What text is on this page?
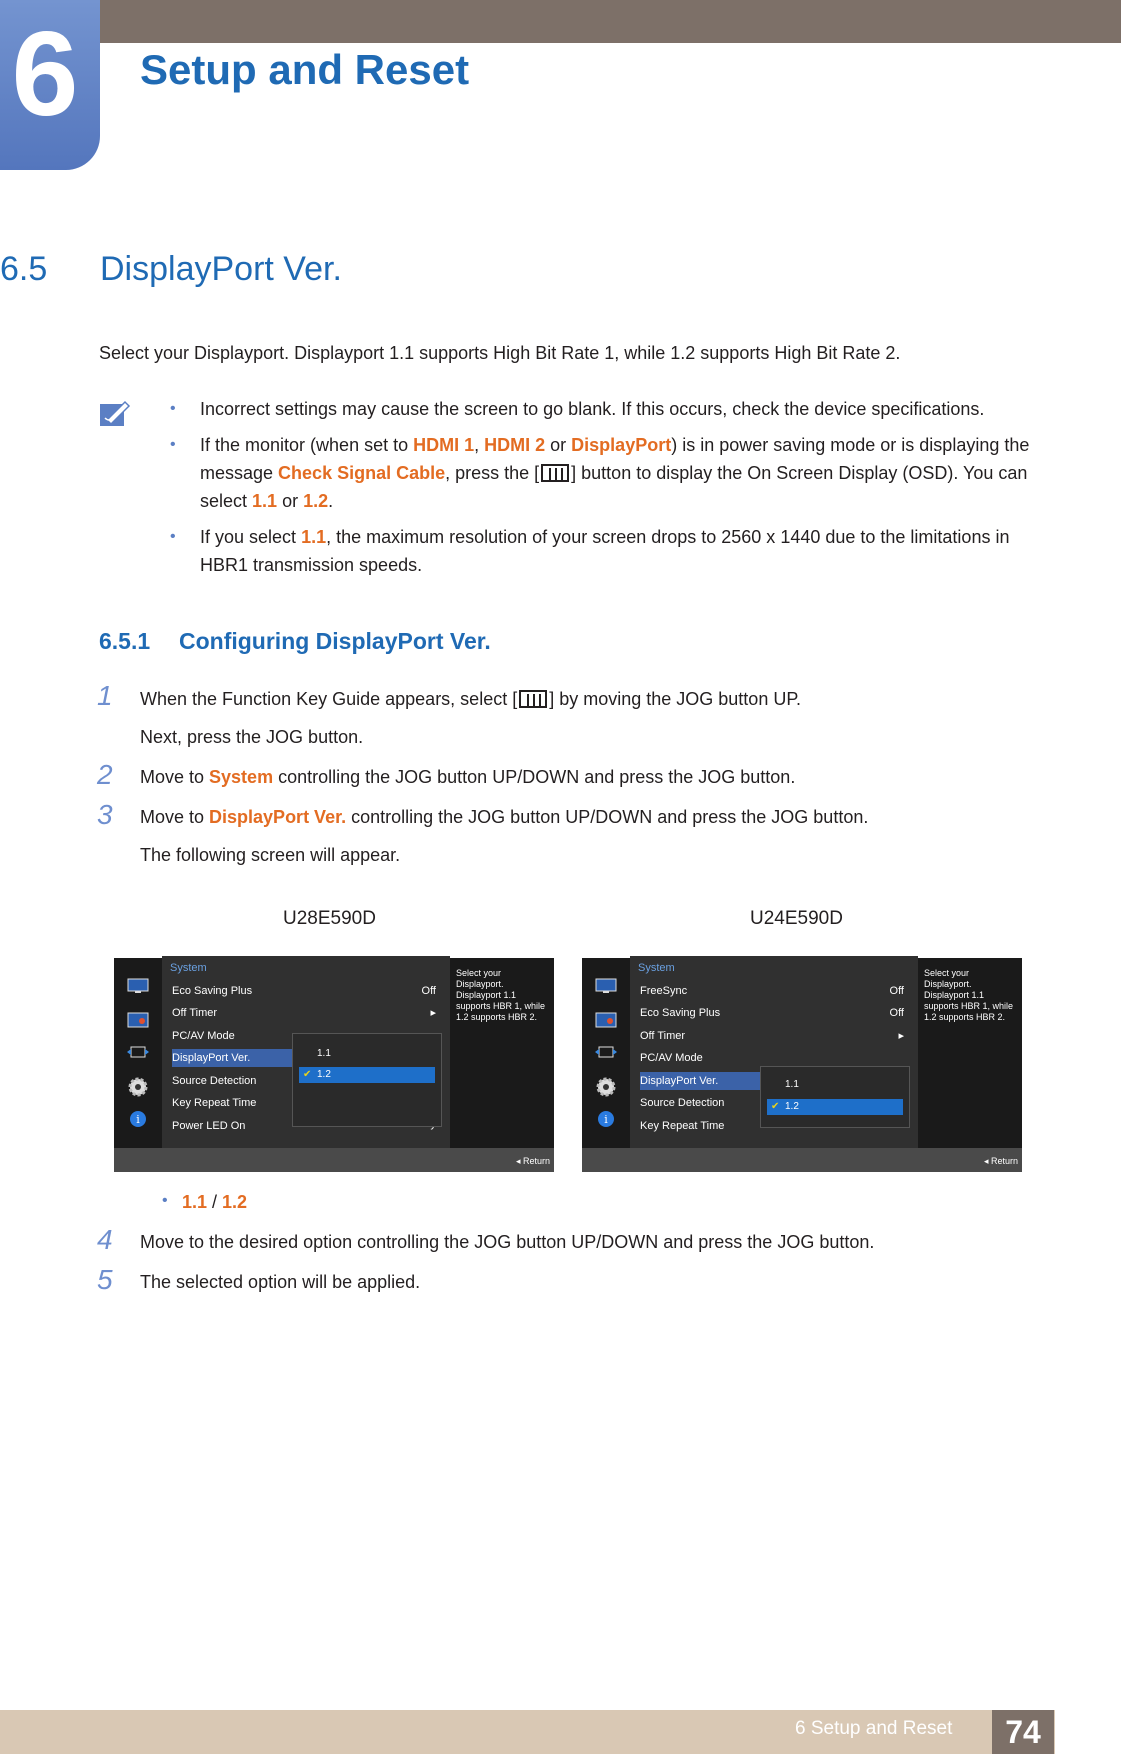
6 Setup and Reset
6.5 DisplayPort Ver.
Select your Displayport. Displayport 1.1 supports High Bit Rate 1, while 1.2 supports High Bit Rate 2.
• Incorrect settings may cause the screen to go blank. If this occurs, check the device specifications.
• If the monitor (when set to HDMI 1, HDMI 2 or DisplayPort) is in power saving mode or is displaying the message Check Signal Cable, press the [ ] button to display the On Screen Display (OSD). You can select 1.1 or 1.2.
• If you select 1.1, the maximum resolution of your screen drops to 2560 x 1440 due to the limitations in HBR1 transmission speeds.
6.5.1 Configuring DisplayPort Ver.
1 When the Function Key Guide appears, select [ ] by moving the JOG button UP.
Next, press the JOG button.
2 Move to System controlling the JOG button UP/DOWN and press the JOG button.
3 Move to DisplayPort Ver. controlling the JOG button UP/DOWN and press the JOG button.
The following screen will appear.
U28E590D	U24E590D
i
System
Eco Saving Plus	Off
Off Timer	▸
PC/AV Mode
DisplayPort Ver.
Source Detection
Key Repeat Time
Power LED On
1.1
✔ 1.2
Select your Displayport. Displayport 1.1 supports HBR 1, while 1.2 supports HBR 2.
◂ Return
i
System
FreeSync	Off
Eco Saving Plus	Off
Off Timer	▸
PC/AV Mode
DisplayPort Ver.
Source Detection
Key Repeat Time
1.1
✔ 1.2
Select your Displayport. Displayport 1.1 supports HBR 1, while 1.2 supports HBR 2.
◂ Return
• 1.1 / 1.2
4 Move to the desired option controlling the JOG button UP/DOWN and press the JOG button.
5 The selected option will be applied.
6 Setup and Reset	74
